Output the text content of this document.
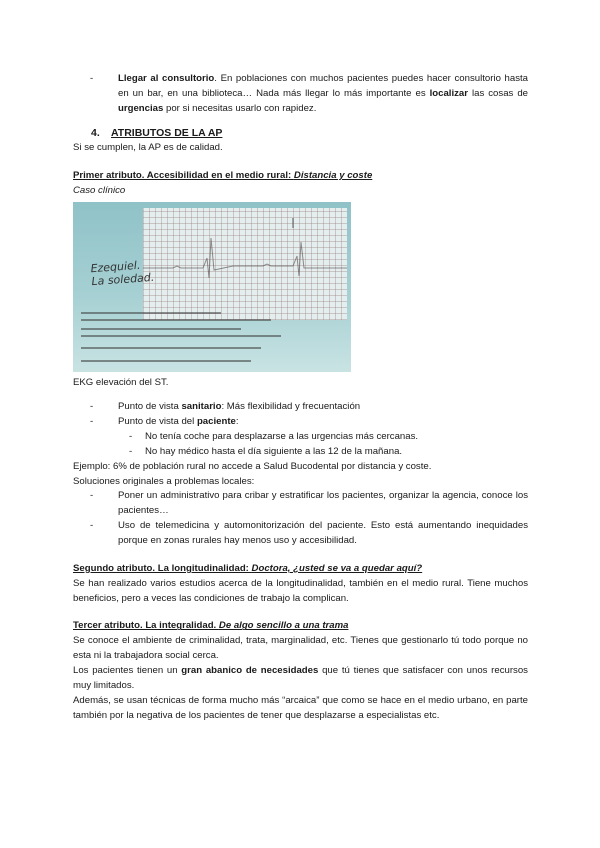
-	Llegar al consultorio. En poblaciones con muchos pacientes puedes hacer consultorio hasta en un bar, en una biblioteca… Nada más llegar lo más importante es localizar las cosas de urgencias por si necesitas usarlo con rapidez.

4. ATRIBUTOS DE LA AP

Si se cumplen, la AP es de calidad.

Primer atributo. Accesibilidad en el medio rural: Distancia y coste

Caso clínico

Ezequiel.
La soledad.

EKG elevación del ST.

-	Punto de vista sanitario: Más flexibilidad y frecuentación

-	Punto de vista del paciente:

- No tenía coche para desplazarse a las urgencias más cercanas.

- No hay médico hasta el día siguiente a las 12 de la mañana.

Ejemplo: 6% de población rural no accede a Salud Bucodental por distancia y coste.

Soluciones originales a problemas locales:

-	Poner un administrativo para cribar y estratificar los pacientes, organizar la agencia, conoce los pacientes…

-	Uso de telemedicina y automonitorización del paciente. Esto está aumentando inequidades porque en zonas rurales hay menos uso y accesibilidad.

Segundo atributo. La longitudinalidad: Doctora, ¿usted se va a quedar aquí?

Se han realizado varios estudios acerca de la longitudinalidad, también en el medio rural. Tiene muchos beneficios, pero a veces las condiciones de trabajo la complican.

Tercer atributo. La integralidad. De algo sencillo a una trama

Se conoce el ambiente de criminalidad, trata, marginalidad, etc. Tienes que gestionarlo tú todo porque no esta ni la trabajadora social cerca.

Los pacientes tienen un gran abanico de necesidades que tú tienes que satisfacer con unos recursos muy limitados.

Además, se usan técnicas de forma mucho más “arcaica” que como se hace en el medio urbano, en parte también por la negativa de los pacientes de tener que desplazarse a especialistas etc.
